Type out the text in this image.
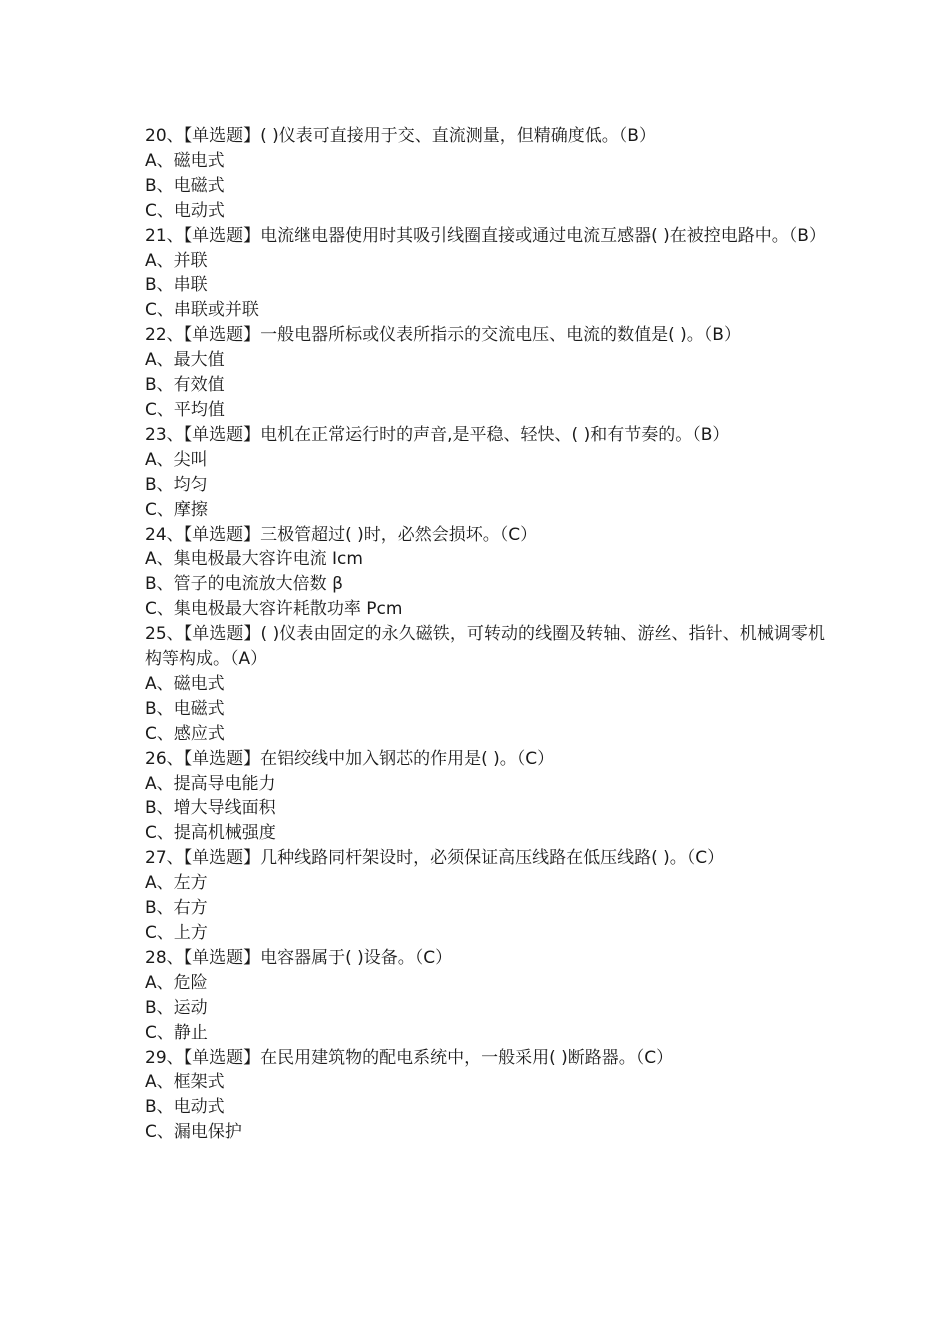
20、【单选题】( )仪表可直接用于交、直流测量，但精确度低。（B）
A、磁电式
B、电磁式
C、电动式
21、【单选题】电流继电器使用时其吸引线圈直接或通过电流互感器( )在被控电路中。（B）
A、并联
B、串联
C、串联或并联
22、【单选题】一般电器所标或仪表所指示的交流电压、电流的数值是( )。（B）
A、最大值
B、有效值
C、平均值
23、【单选题】电机在正常运行时的声音,是平稳、轻快、( )和有节奏的。（B）
A、尖叫
B、均匀
C、摩擦
24、【单选题】三极管超过( )时，必然会损坏。（C）
A、集电极最大容许电流 Icm
B、管子的电流放大倍数 β
C、集电极最大容许耗散功率 Pcm
25、【单选题】( )仪表由固定的永久磁铁，可转动的线圈及转轴、游丝、指针、机械调零机构等构成。（A）
A、磁电式
B、电磁式
C、感应式
26、【单选题】在铝绞线中加入钢芯的作用是( )。（C）
A、提高导电能力
B、增大导线面积
C、提高机械强度
27、【单选题】几种线路同杆架设时，必须保证高压线路在低压线路( )。（C）
A、左方
B、右方
C、上方
28、【单选题】电容器属于( )设备。（C）
A、危险
B、运动
C、静止
29、【单选题】在民用建筑物的配电系统中，一般采用( )断路器。（C）
A、框架式
B、电动式
C、漏电保护
